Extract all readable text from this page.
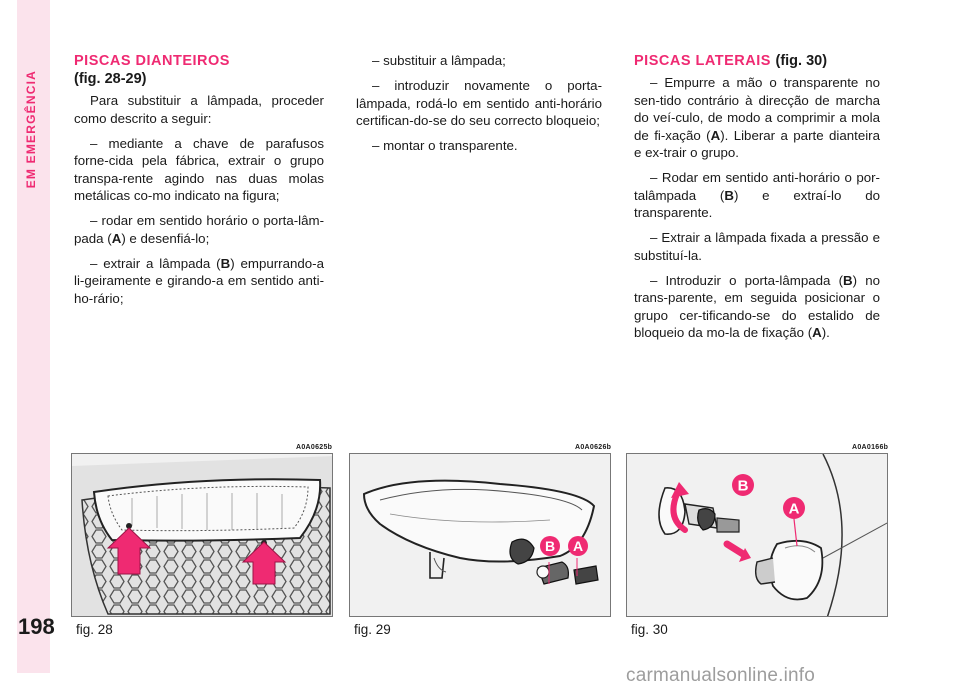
EM EMERGÊNCIA
198
PISCAS DIANTEIROS
(fig. 28-29)

Para substituir a lâmpada, proceder como descrito a seguir:

– mediante a chave de parafusos forne-cida pela fábrica, extrair o grupo transpa-rente agindo nas duas molas metálicas co-mo indicato na figura;

– rodar em sentido horário o porta-lâm-pada (A) e desenfiá-lo;

– extrair a lâmpada (B) empurrando-a li-geiramente e girando-a em sentido anti-ho-rário;

– substituir a lâmpada;

– introduzir novamente o porta-lâmpada, rodá-lo em sentido anti-horário certifican-do-se do seu correcto bloqueio;

– montar o transparente.

PISCAS LATERAIS (fig. 30)

– Empurre a mão o transparente no sen-tido contrário à direcção de marcha do veí-culo, de modo a comprimir a mola de fi-xação (A). Liberar a parte dianteira e ex-trair o grupo.

– Rodar em sentido anti-horário o por-talâmpada (B) e extraí-lo do transparente.

– Extrair a lâmpada fixada a pressão e substituí-la.

– Introduzir o porta-lâmpada (B) no trans-parente, em seguida posicionar o grupo cer-tificando-se do estalido de bloqueio da mo-la de fixação (A).

A0A0625b
fig. 28
A0A0626b
B A
fig. 29
A0A0166b
B
A
fig. 30
carmanualsonline.info
